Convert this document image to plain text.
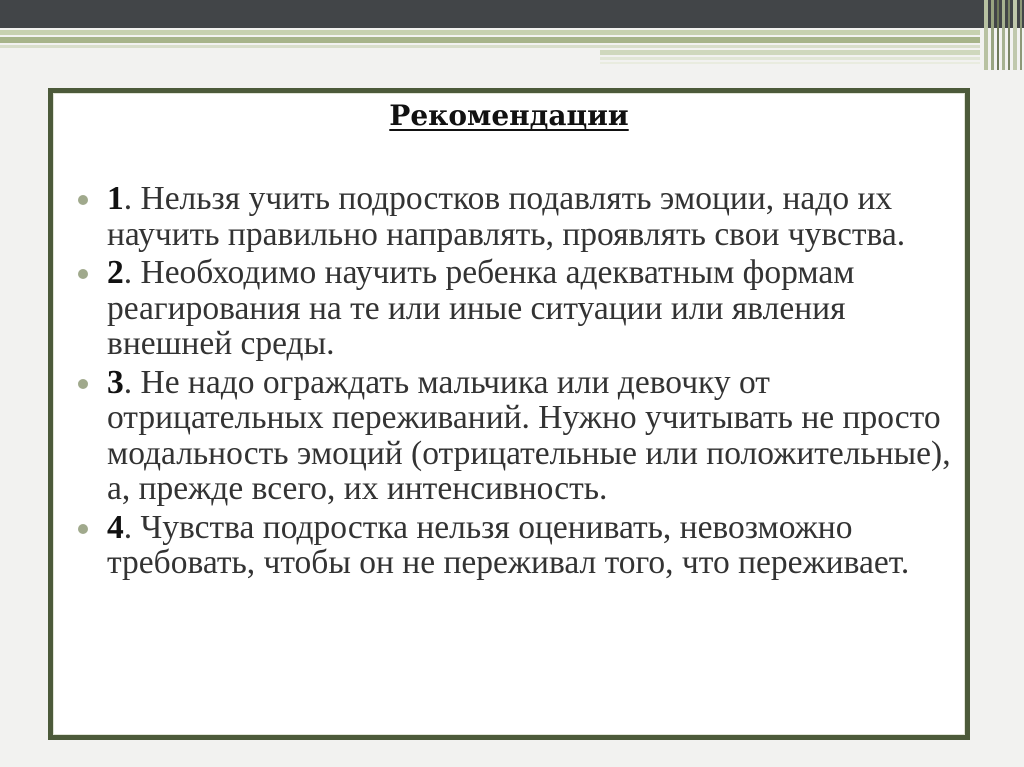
Рекомендации
1. Нельзя учить подростков подавлять эмоции, надо их научить правильно направлять, проявлять свои чувства.
2. Необходимо научить ребенка адекватным формам реагирования на те или иные ситуации или явления внешней среды.
3. Не надо ограждать мальчика или девочку от отрицательных переживаний. Нужно учитывать не просто модальность эмоций (отрицательные или положительные), а, прежде всего, их интенсивность.
4. Чувства подростка нельзя оценивать, невозможно требовать, чтобы он не переживал того, что переживает.
